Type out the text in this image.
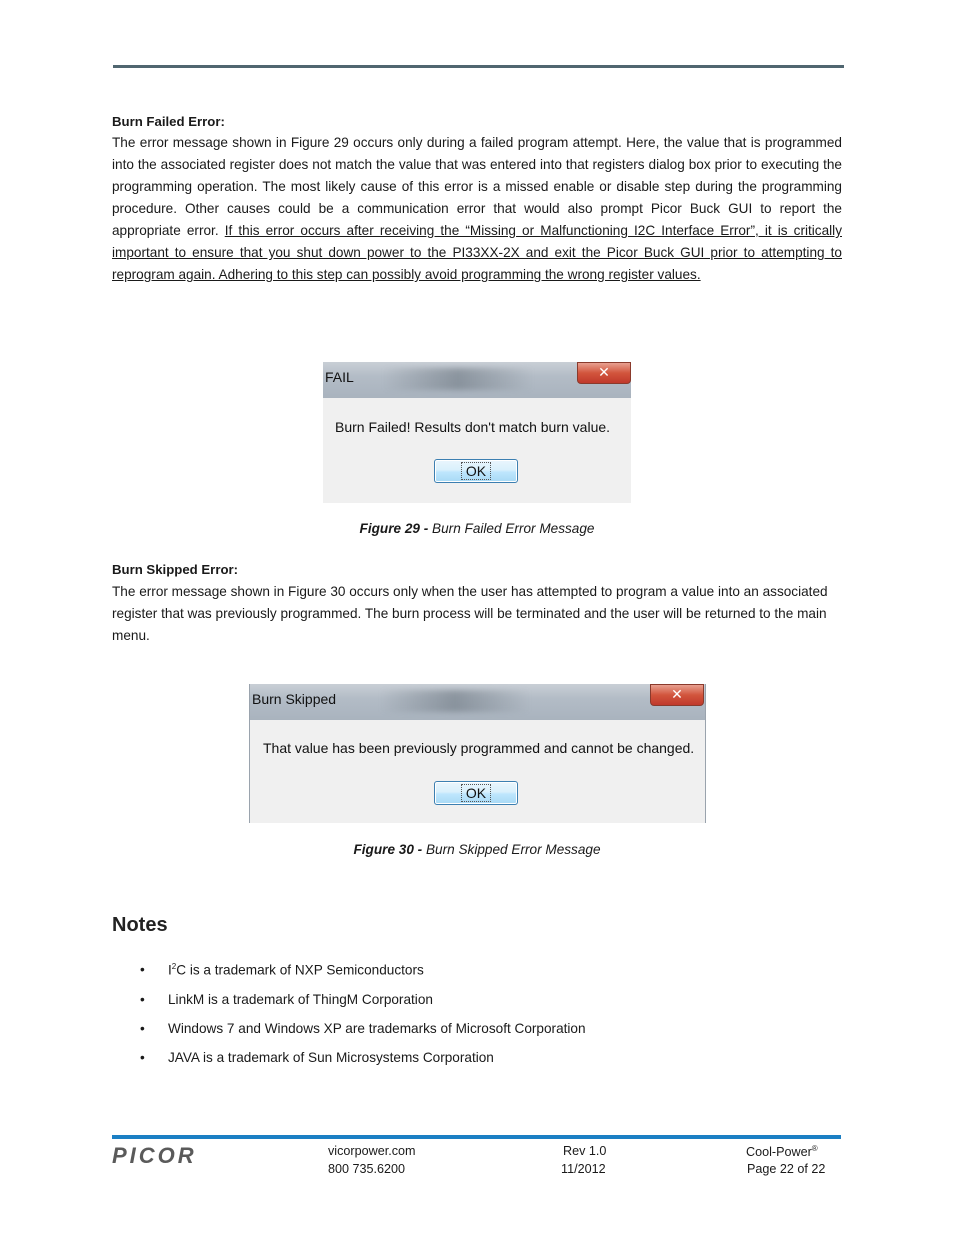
Burn Failed Error:
The error message shown in Figure 29 occurs only during a failed program attempt. Here, the value that is programmed into the associated register does not match the value that was entered into that registers dialog box prior to executing the programming operation. The most likely cause of this error is a missed enable or disable step during the programming procedure. Other causes could be a communication error that would also prompt Picor Buck GUI to report the appropriate error. If this error occurs after receiving the “Missing or Malfunctioning I2C Interface Error”, it is critically important to ensure that you shut down power to the PI33XX-2X and exit the Picor Buck GUI prior to attempting to reprogram again. Adhering to this step can possibly avoid programming the wrong register values.
FAIL	✕
Burn Failed! Results don't match burn value.
OK
Figure 29 - Burn Failed Error Message
Burn Skipped Error:
The error message shown in Figure 30 occurs only when the user has attempted to program a value into an associated register that was previously programmed. The burn process will be terminated and the user will be returned to the main menu.
Burn Skipped	✕
That value has been previously programmed and cannot be changed.
OK
Figure 30 - Burn Skipped Error Message
Notes
• $I^2C$ is a trademark of NXP Semiconductors
• LinkM is a trademark of ThingM Corporation
• Windows 7 and Windows XP are trademarks of Microsoft Corporation
• JAVA is a trademark of Sun Microsystems Corporation
PICOR	vicorpower.com
800 735.6200
Rev 1.0
11/2012
Cool-Power®
Page 22 of 22
